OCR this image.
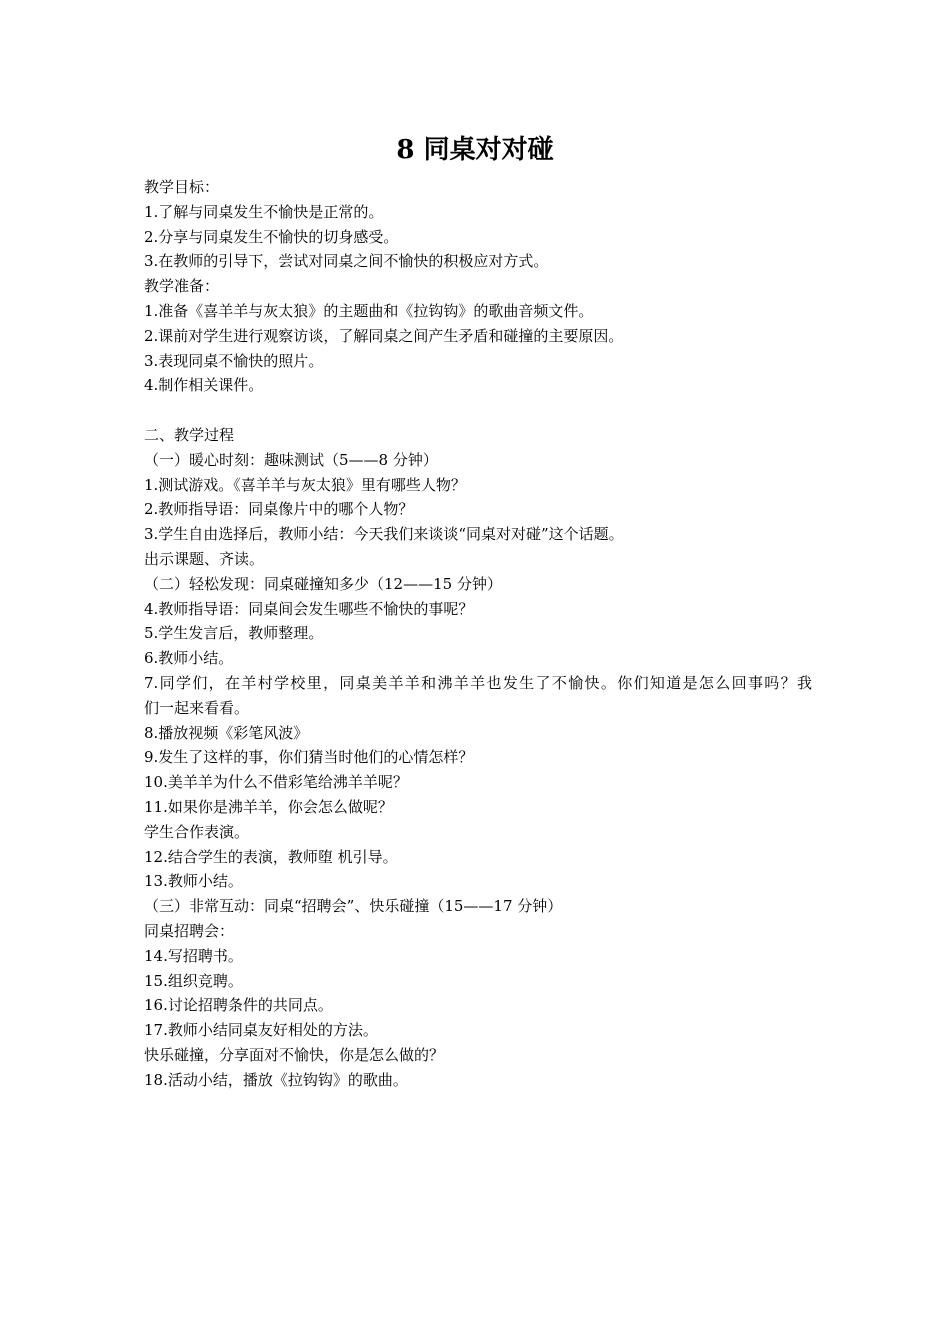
8 同桌对对碰
教学目标：
1.了解与同桌发生不愉快是正常的。
2.分享与同桌发生不愉快的切身感受。
3.在教师的引导下，尝试对同桌之间不愉快的积极应对方式。
教学准备：
1.准备《喜羊羊与灰太狼》的主题曲和《拉钩钩》的歌曲音频文件。
2.课前对学生进行观察访谈，了解同桌之间产生矛盾和碰撞的主要原因。
3.表现同桌不愉快的照片。
4.制作相关课件。
二、教学过程
（一）暖心时刻：趣味测试（5——8 分钟）
1.测试游戏。《喜羊羊与灰太狼》里有哪些人物？
2.教师指导语：同桌像片中的哪个人物？
3.学生自由选择后，教师小结：今天我们来谈谈“同桌对对碰”这个话题。
出示课题、齐读。
（二）轻松发现：同桌碰撞知多少（12——15 分钟）
4.教师指导语：同桌间会发生哪些不愉快的事呢？
5.学生发言后，教师整理。
6.教师小结。
7.同学们，在羊村学校里，同桌美羊羊和沸羊羊也发生了不愉快。你们知道是怎么回事吗？我
们一起来看看。
8.播放视频《彩笔风波》
9.发生了这样的事，你们猜当时他们的心情怎样？
10.美羊羊为什么不借彩笔给沸羊羊呢？
11.如果你是沸羊羊，你会怎么做呢？
学生合作表演。
12.结合学生的表演，教师堕 机引导。
13.教师小结。
（三）非常互动：同桌“招聘会”、快乐碰撞（15——17 分钟）
同桌招聘会：
14.写招聘书。
15.组织竞聘。
16.讨论招聘条件的共同点。
17.教师小结同桌友好相处的方法。
快乐碰撞，分享面对不愉快，你是怎么做的？
18.活动小结，播放《拉钩钩》的歌曲。
